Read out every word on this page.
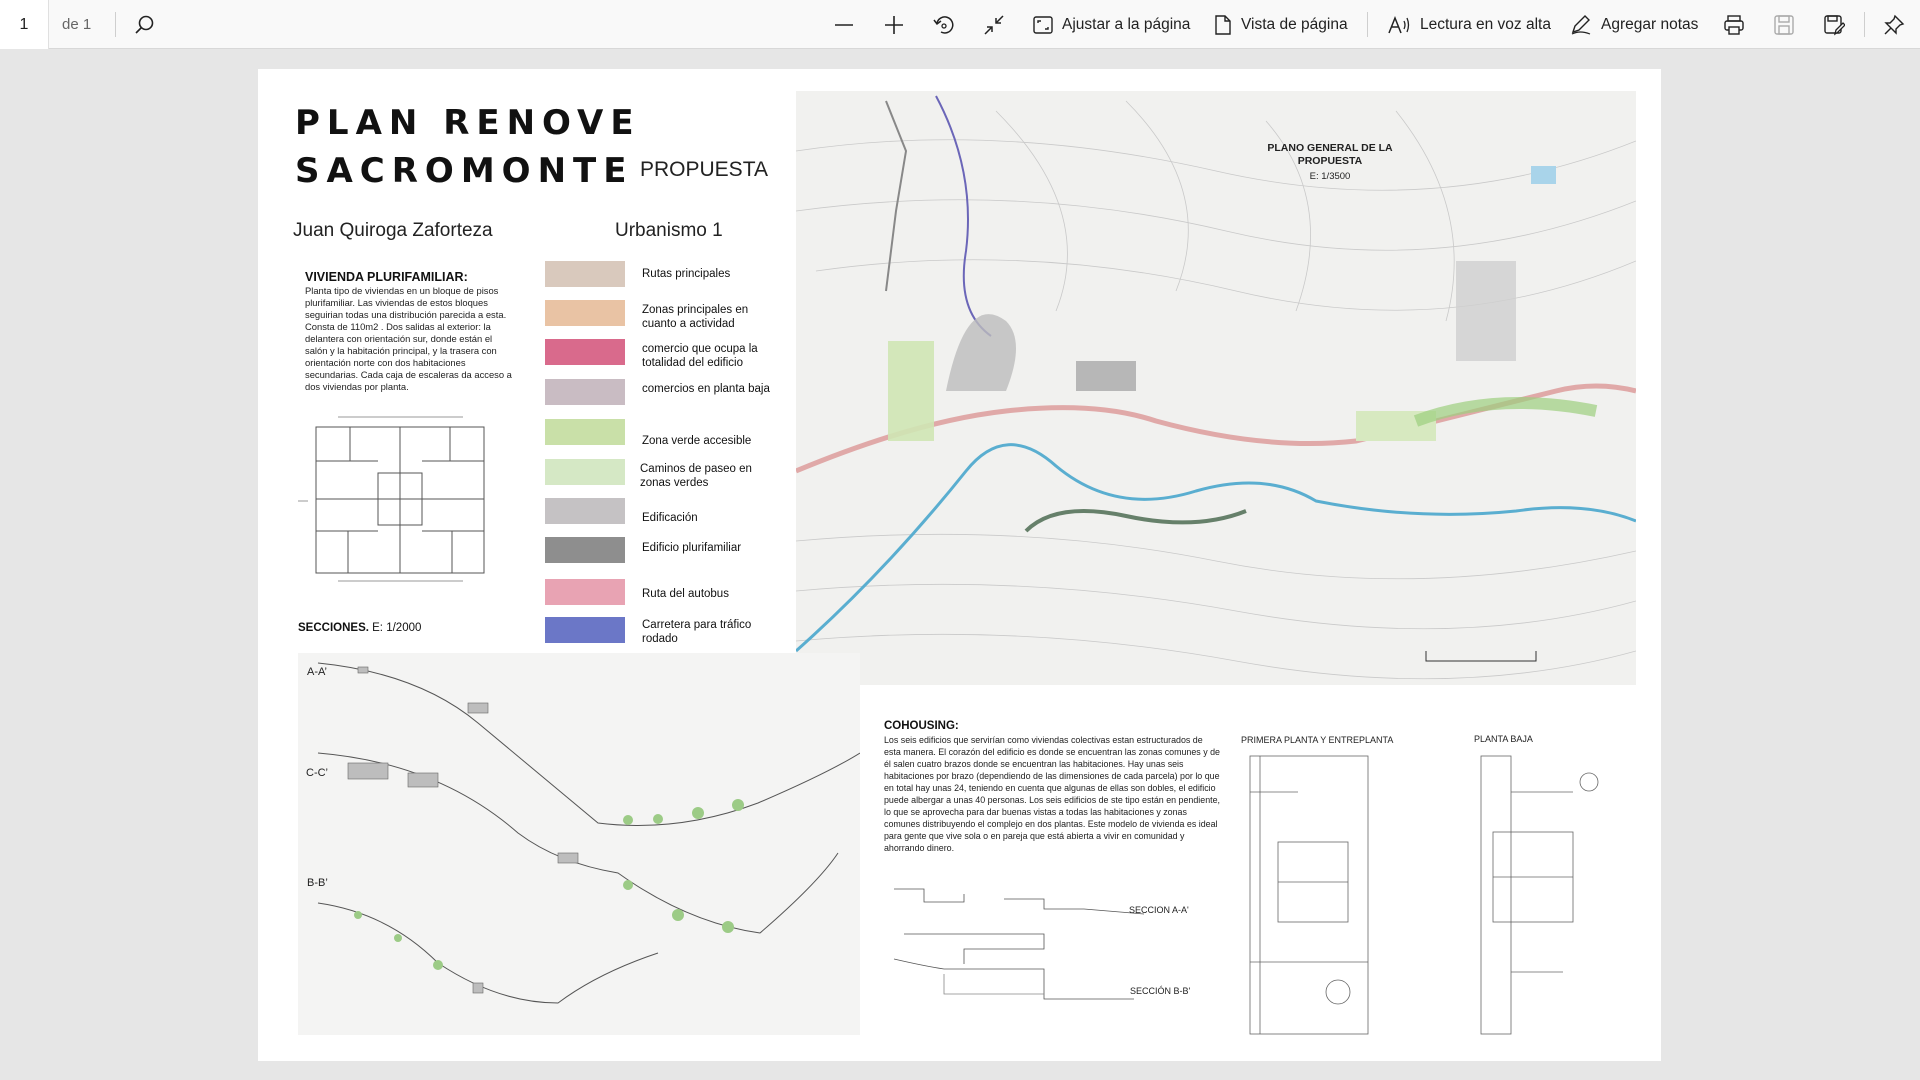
1	de 1	Ajustar a la página	Vista de página	Lectura en voz alta	Agregar notas
PLAN RENOVE
SACROMONTE PROPUESTA
Juan Quiroga Zaforteza	Urbanismo 1
VIVIENDA PLURIFAMILIAR:
Planta tipo de viviendas en un bloque de pisos plurifamiliar. Las viviendas de estos bloques seguirian todas una distribución parecida a esta. Consta de 110m2 . Dos salidas al exterior: la delantera con orientación sur, donde están el salón y la habitación principal, y la trasera con orientación norte con dos habitaciones secundarias. Cada caja de escaleras da acceso a dos viviendas por planta.
SECCIONES. E: 1/2000
Rutas principales
Zonas principales en cuanto a actividad
comercio que ocupa la totalidad del edificio
comercios en planta baja
Zona verde accesible
Caminos de paseo en zonas verdes
Edificación
Edificio plurifamiliar
Ruta del autobus
Carretera para tráfico rodado
PLANO GENERAL DE LA PROPUESTA
E: 1/3500
A-A’
C-C’
B-B’
COHOUSING:
Los seis edificios que servirían como viviendas colectivas estan estructurados de esta manera. El corazón del edificio es donde se encuentran las zonas comunes y de él salen cuatro brazos donde se encuentran las habitaciones. Hay unas seis habitaciones por brazo (dependiendo de las dimensiones de cada parcela) por lo que en total hay unas 24, teniendo en cuenta que algunas de ellas son dobles, el edificio puede albergar a unas 40 personas. Los seis edificios de ste tipo están en pendiente, lo que se aprovecha para dar buenas vistas a todas las habitaciones y zonas comunes distribuyendo el complejo en dos plantas. Este modelo de vivienda es ideal para gente que vive sola o en pareja que está abierta a vivir en comunidad y ahorrando dinero.
SECCION A-A'
SECCIÓN B-B'
PRIMERA PLANTA Y ENTREPLANTA	PLANTA BAJA
